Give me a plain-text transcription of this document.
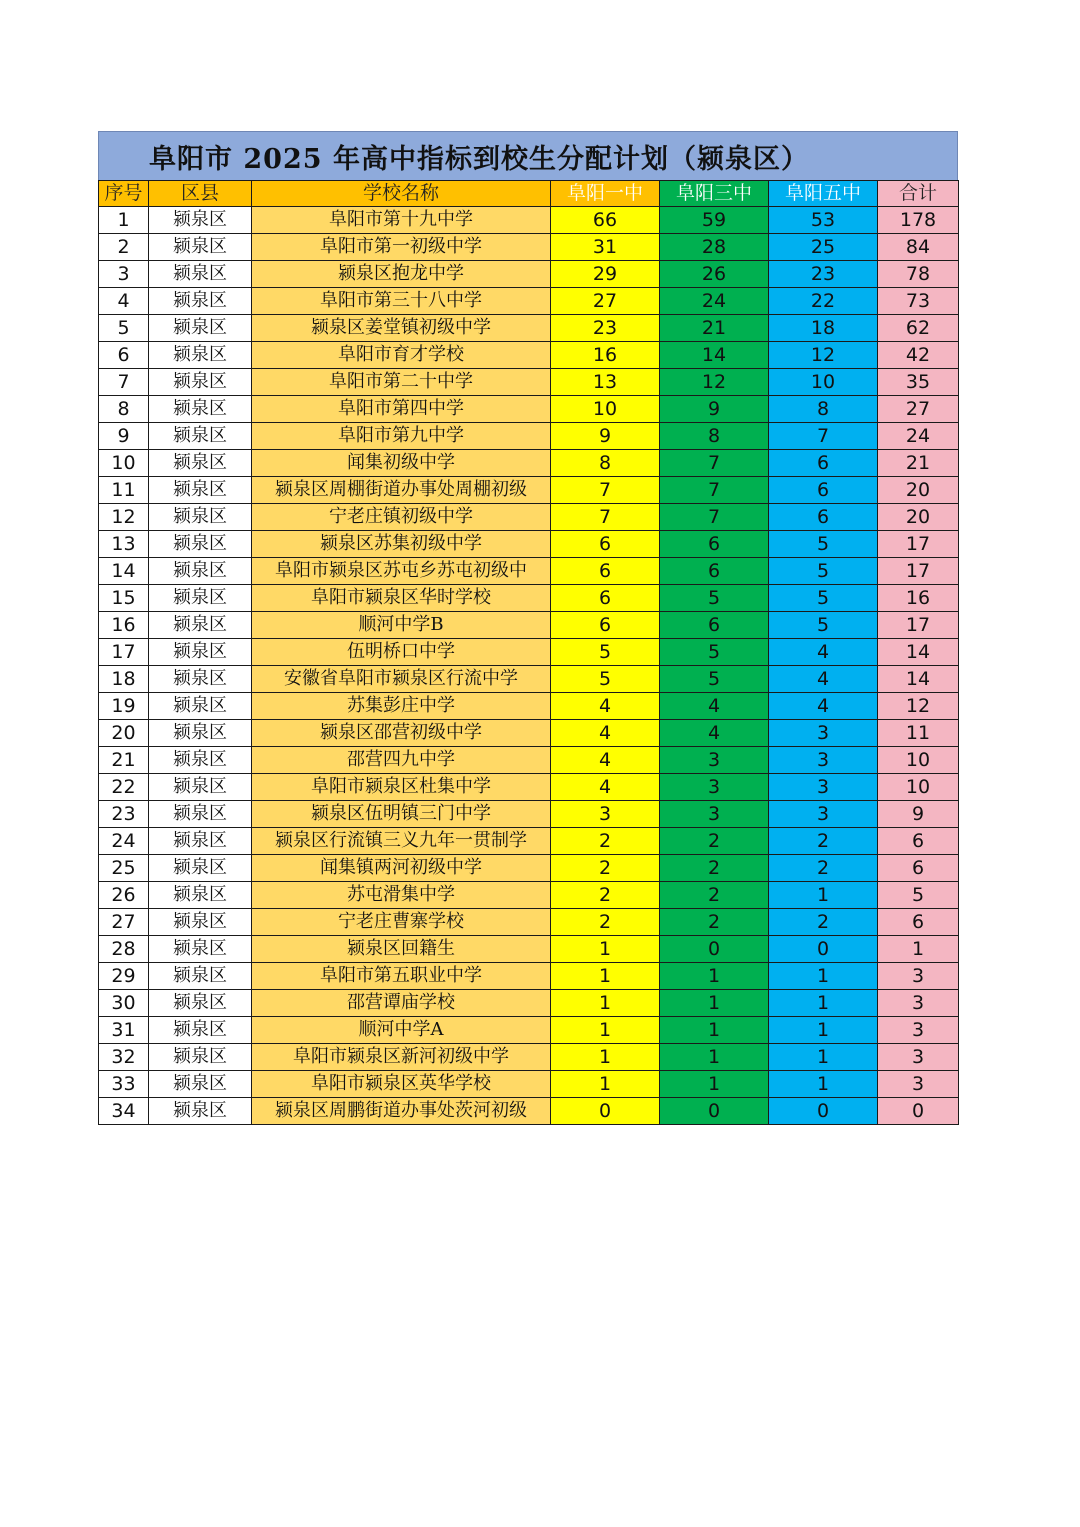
阜阳市 2025 年高中指标到校生分配计划（颍泉区）
序号	区县	学校名称	阜阳一中	阜阳三中	阜阳五中	合计
1	颍泉区	阜阳市第十九中学	66	59	53	178
2	颍泉区	阜阳市第一初级中学	31	28	25	84
3	颍泉区	颍泉区抱龙中学	29	26	23	78
4	颍泉区	阜阳市第三十八中学	27	24	22	73
5	颍泉区	颍泉区姜堂镇初级中学	23	21	18	62
6	颍泉区	阜阳市育才学校	16	14	12	42
7	颍泉区	阜阳市第二十中学	13	12	10	35
8	颍泉区	阜阳市第四中学	10	9	8	27
9	颍泉区	阜阳市第九中学	9	8	7	24
10	颍泉区	闻集初级中学	8	7	6	21
11	颍泉区	颍泉区周棚街道办事处周棚初级	7	7	6	20
12	颍泉区	宁老庄镇初级中学	7	7	6	20
13	颍泉区	颍泉区苏集初级中学	6	6	5	17
14	颍泉区	阜阳市颍泉区苏屯乡苏屯初级中	6	6	5	17
15	颍泉区	阜阳市颍泉区华时学校	6	5	5	16
16	颍泉区	顺河中学B	6	6	5	17
17	颍泉区	伍明桥口中学	5	5	4	14
18	颍泉区	安徽省阜阳市颍泉区行流中学	5	5	4	14
19	颍泉区	苏集彭庄中学	4	4	4	12
20	颍泉区	颍泉区邵营初级中学	4	4	3	11
21	颍泉区	邵营四九中学	4	3	3	10
22	颍泉区	阜阳市颍泉区杜集中学	4	3	3	10
23	颍泉区	颍泉区伍明镇三门中学	3	3	3	9
24	颍泉区	颍泉区行流镇三义九年一贯制学	2	2	2	6
25	颍泉区	闻集镇两河初级中学	2	2	2	6
26	颍泉区	苏屯滑集中学	2	2	1	5
27	颍泉区	宁老庄曹寨学校	2	2	2	6
28	颍泉区	颍泉区回籍生	1	0	0	1
29	颍泉区	阜阳市第五职业中学	1	1	1	3
30	颍泉区	邵营谭庙学校	1	1	1	3
31	颍泉区	顺河中学A	1	1	1	3
32	颍泉区	阜阳市颍泉区新河初级中学	1	1	1	3
33	颍泉区	阜阳市颍泉区英华学校	1	1	1	3
34	颍泉区	颍泉区周鹏街道办事处茨河初级	0	0	0	0
